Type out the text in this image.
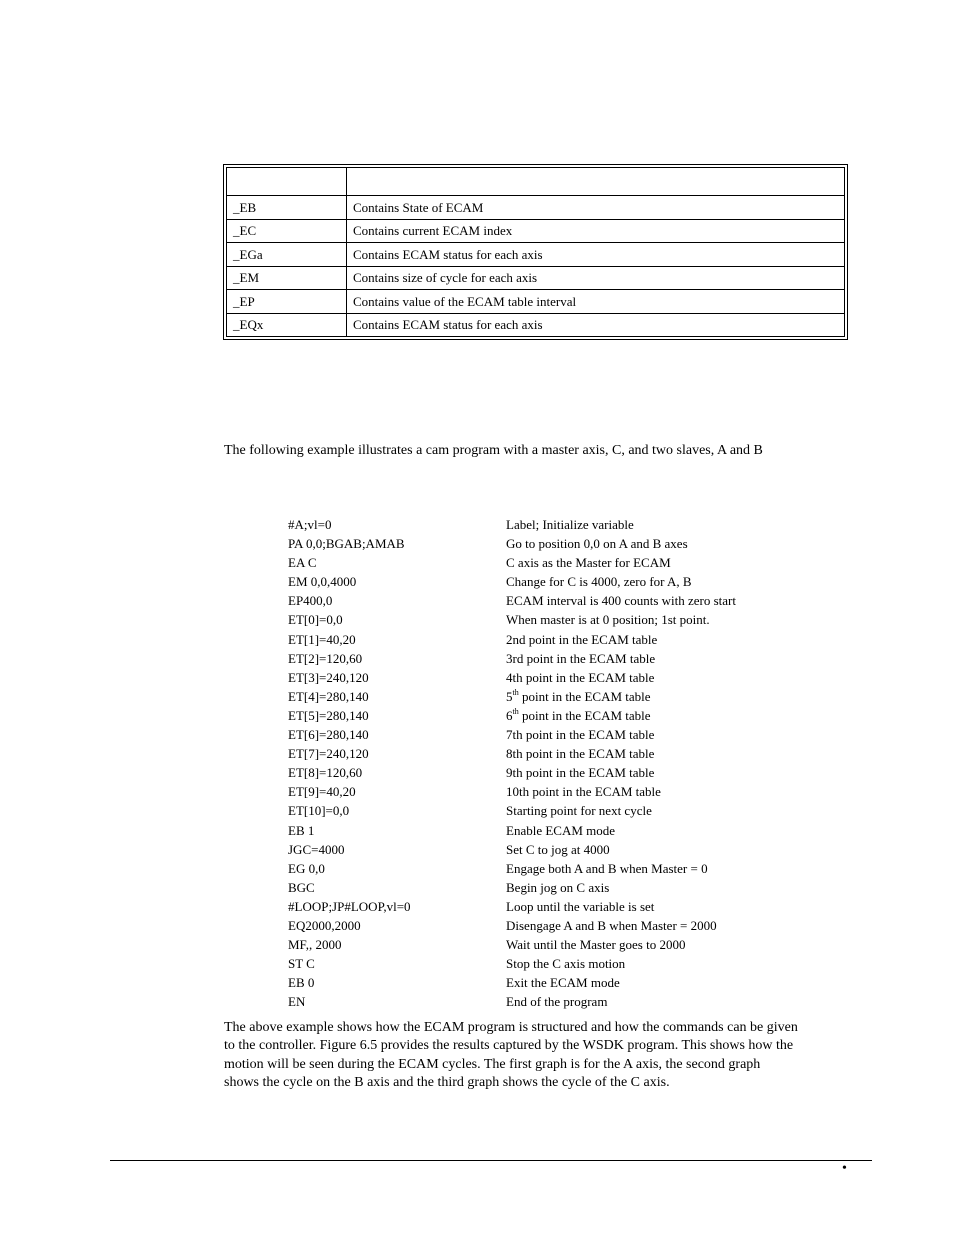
_EB	Contains State of ECAM
_EC	Contains current ECAM index
_EGa	Contains ECAM status for each axis
_EM	Contains size of cycle for each axis
_EP	Contains value of the ECAM table interval
_EQx	Contains ECAM status for each axis
The following example illustrates a cam program with a master axis, C, and two slaves, A and B
#A;vl=0	Label; Initialize variable
PA 0,0;BGAB;AMAB	Go to position 0,0 on A and B axes
EA C	C axis as the Master for ECAM
EM 0,0,4000	Change for C is 4000, zero for A, B
EP400,0	ECAM interval is 400 counts with zero start
ET[0]=0,0	When master is at 0 position; 1st point.
ET[1]=40,20	2nd point in the ECAM table
ET[2]=120,60	3rd point in the ECAM table
ET[3]=240,120	4th point in the ECAM table
ET[4]=280,140	5th point in the ECAM table
ET[5]=280,140	6th point in the ECAM table
ET[6]=280,140	7th point in the ECAM table
ET[7]=240,120	8th point in the ECAM table
ET[8]=120,60	9th point in the ECAM table
ET[9]=40,20	10th point in the ECAM table
ET[10]=0,0	Starting point for next cycle
EB 1	Enable ECAM mode
JGC=4000	Set C to jog at 4000
EG 0,0	Engage both A and B when Master = 0
BGC	Begin jog on C axis
#LOOP;JP#LOOP,vl=0	Loop until the variable is set
EQ2000,2000	Disengage A and B when Master = 2000
MF,, 2000	Wait until the Master goes to 2000
ST C	Stop the C axis motion
EB 0	Exit the ECAM mode
EN	End of the program

The above example shows how the ECAM program is structured and how the commands can be given

to the controller. Figure 6.5 provides the results captured by the WSDK program. This shows how the

motion will be seen during the ECAM cycles. The first graph is for the A axis, the second graph

shows the cycle on the B axis and the third graph shows the cycle of the C axis.

•
